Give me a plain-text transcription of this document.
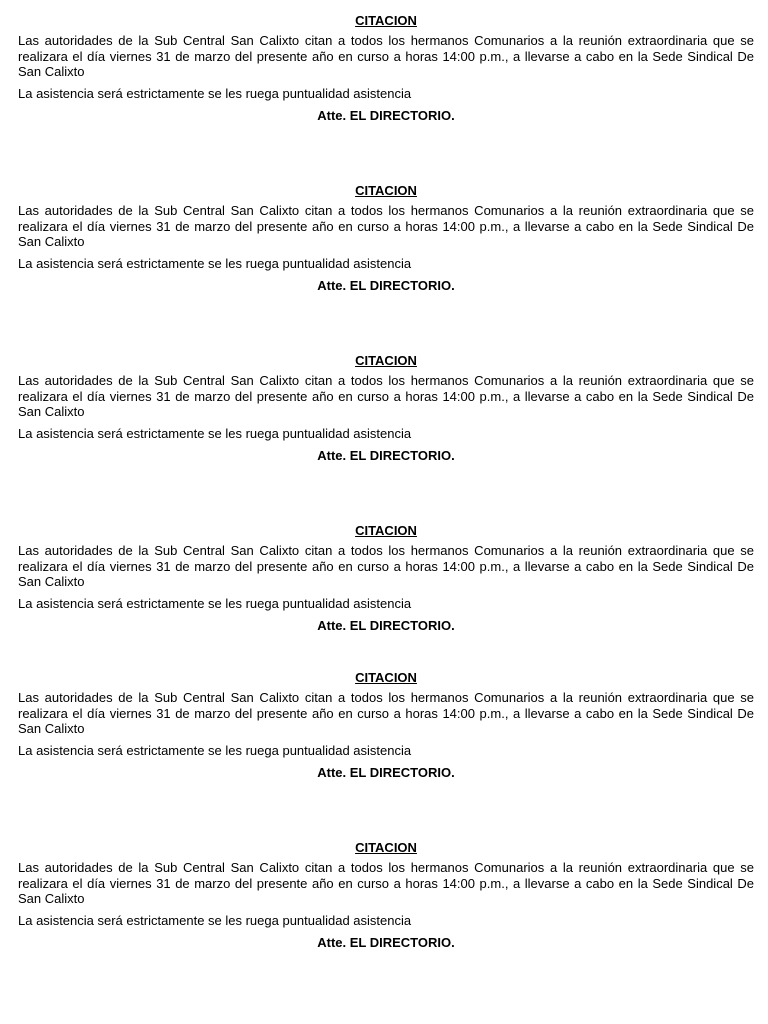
CITACION

Las autoridades de la Sub Central San Calixto citan a todos los hermanos Comunarios a la reunión extraordinaria que se realizara el día viernes 31 de marzo del presente año en curso a horas 14:00 p.m., a llevarse a cabo en la Sede Sindical De San Calixto

La asistencia será estrictamente se les ruega puntualidad asistencia

Atte. EL DIRECTORIO.

CITACION

Las autoridades de la Sub Central San Calixto citan a todos los hermanos Comunarios a la reunión extraordinaria que se realizara el día viernes 31 de marzo del presente año en curso a horas 14:00 p.m., a llevarse a cabo en la Sede Sindical De San Calixto

La asistencia será estrictamente se les ruega puntualidad asistencia

Atte. EL DIRECTORIO.

CITACION

Las autoridades de la Sub Central San Calixto citan a todos los hermanos Comunarios a la reunión extraordinaria que se realizara el día viernes 31 de marzo del presente año en curso a horas 14:00 p.m., a llevarse a cabo en la Sede Sindical De San Calixto

La asistencia será estrictamente se les ruega puntualidad asistencia

Atte. EL DIRECTORIO.

CITACION

Las autoridades de la Sub Central San Calixto citan a todos los hermanos Comunarios a la reunión extraordinaria que se realizara el día viernes 31 de marzo del presente año en curso a horas 14:00 p.m., a llevarse a cabo en la Sede Sindical De San Calixto

La asistencia será estrictamente se les ruega puntualidad asistencia

Atte. EL DIRECTORIO.

CITACION

Las autoridades de la Sub Central San Calixto citan a todos los hermanos Comunarios a la reunión extraordinaria que se realizara el día viernes 31 de marzo del presente año en curso a horas 14:00 p.m., a llevarse a cabo en la Sede Sindical De San Calixto

La asistencia será estrictamente se les ruega puntualidad asistencia

Atte. EL DIRECTORIO.

CITACION

Las autoridades de la Sub Central San Calixto citan a todos los hermanos Comunarios a la reunión extraordinaria que se realizara el día viernes 31 de marzo del presente año en curso a horas 14:00 p.m., a llevarse a cabo en la Sede Sindical De San Calixto

La asistencia será estrictamente se les ruega puntualidad asistencia

Atte. EL DIRECTORIO.
